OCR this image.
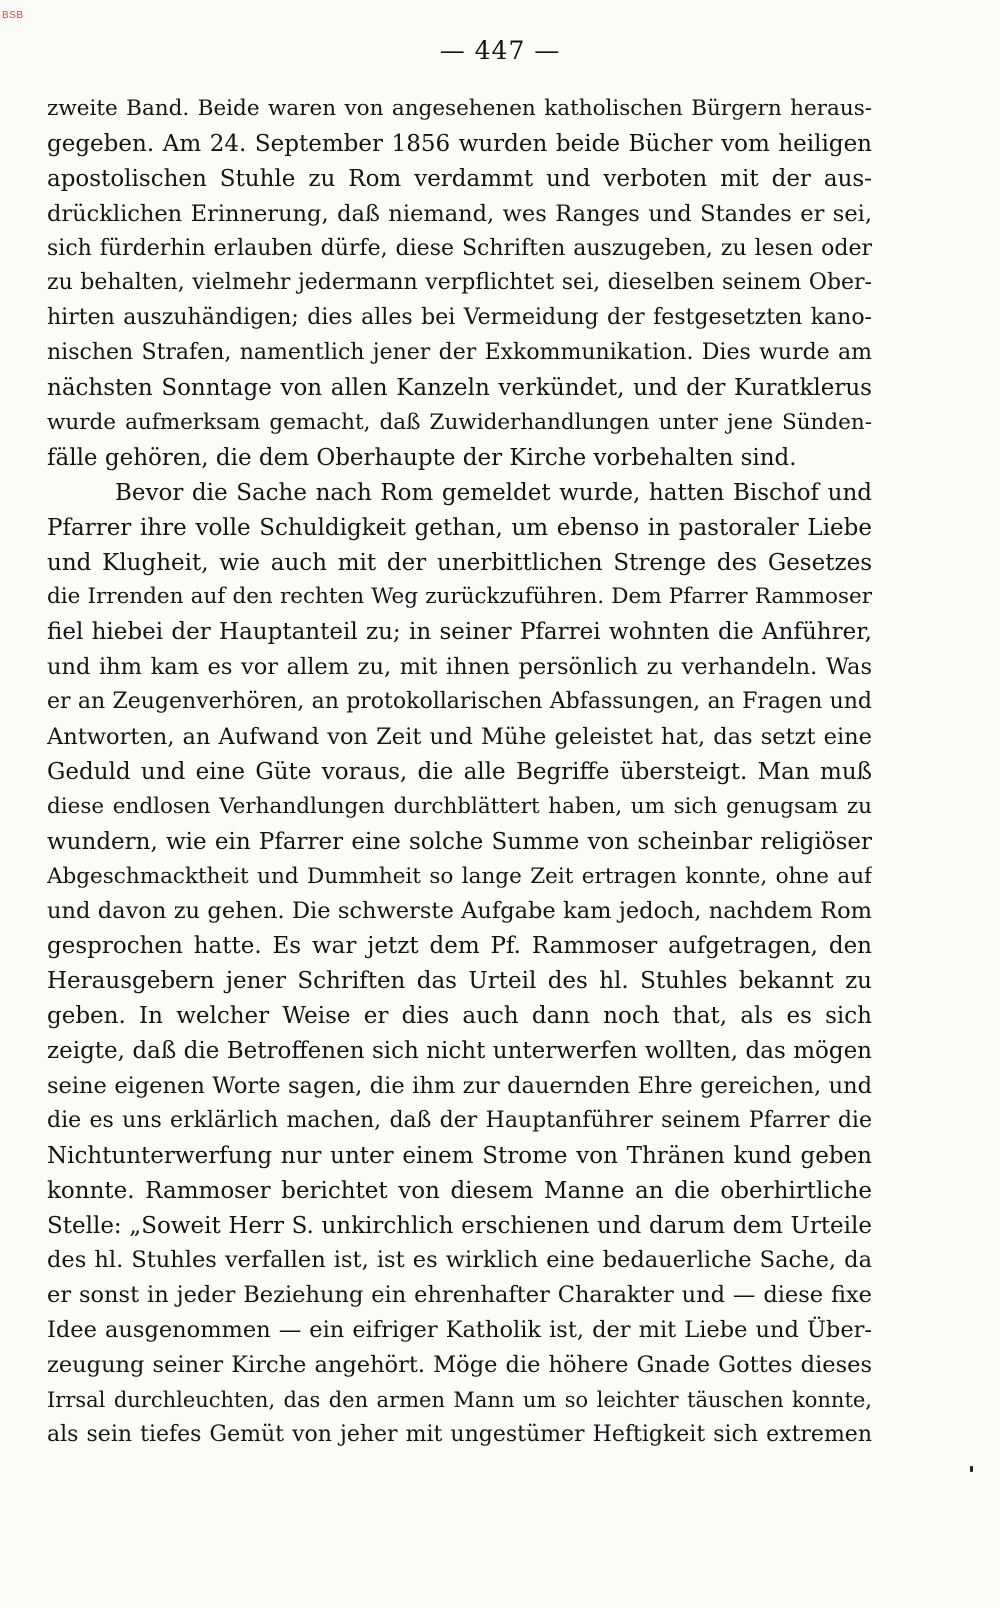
BSB
— 447 —
zweite Band. Beide waren von angesehenen katholischen Bürgern heraus-
gegeben. Am 24. September 1856 wurden beide Bücher vom heiligen
apostolischen Stuhle zu Rom verdammt und verboten mit der aus-
drücklichen Erinnerung, daß niemand, wes Ranges und Standes er sei,
sich fürderhin erlauben dürfe, diese Schriften auszugeben, zu lesen oder
zu behalten, vielmehr jedermann verpflichtet sei, dieselben seinem Ober-
hirten auszuhändigen; dies alles bei Vermeidung der festgesetzten kano-
nischen Strafen, namentlich jener der Exkommunikation. Dies wurde am
nächsten Sonntage von allen Kanzeln verkündet, und der Kuratklerus
wurde aufmerksam gemacht, daß Zuwiderhandlungen unter jene Sünden-
fälle gehören, die dem Oberhaupte der Kirche vorbehalten sind.
Bevor die Sache nach Rom gemeldet wurde, hatten Bischof und
Pfarrer ihre volle Schuldigkeit gethan, um ebenso in pastoraler Liebe
und Klugheit, wie auch mit der unerbittlichen Strenge des Gesetzes
die Irrenden auf den rechten Weg zurückzuführen. Dem Pfarrer Rammoser
fiel hiebei der Hauptanteil zu; in seiner Pfarrei wohnten die Anführer,
und ihm kam es vor allem zu, mit ihnen persönlich zu verhandeln. Was
er an Zeugenverhören, an protokollarischen Abfassungen, an Fragen und
Antworten, an Aufwand von Zeit und Mühe geleistet hat, das setzt eine
Geduld und eine Güte voraus, die alle Begriffe übersteigt. Man muß
diese endlosen Verhandlungen durchblättert haben, um sich genugsam zu
wundern, wie ein Pfarrer eine solche Summe von scheinbar religiöser
Abgeschmacktheit und Dummheit so lange Zeit ertragen konnte, ohne auf
und davon zu gehen. Die schwerste Aufgabe kam jedoch, nachdem Rom
gesprochen hatte. Es war jetzt dem Pf. Rammoser aufgetragen, den
Herausgebern jener Schriften das Urteil des hl. Stuhles bekannt zu
geben. In welcher Weise er dies auch dann noch that, als es sich
zeigte, daß die Betroffenen sich nicht unterwerfen wollten, das mögen
seine eigenen Worte sagen, die ihm zur dauernden Ehre gereichen, und
die es uns erklärlich machen, daß der Hauptanführer seinem Pfarrer die
Nichtunterwerfung nur unter einem Strome von Thränen kund geben
konnte. Rammoser berichtet von diesem Manne an die oberhirtliche
Stelle: „Soweit Herr S. unkirchlich erschienen und darum dem Urteile
des hl. Stuhles verfallen ist, ist es wirklich eine bedauerliche Sache, da
er sonst in jeder Beziehung ein ehrenhafter Charakter und — diese fixe
Idee ausgenommen — ein eifriger Katholik ist, der mit Liebe und Über-
zeugung seiner Kirche angehört. Möge die höhere Gnade Gottes dieses
Irrsal durchleuchten, das den armen Mann um so leichter täuschen konnte,
als sein tiefes Gemüt von jeher mit ungestümer Heftigkeit sich extremen
